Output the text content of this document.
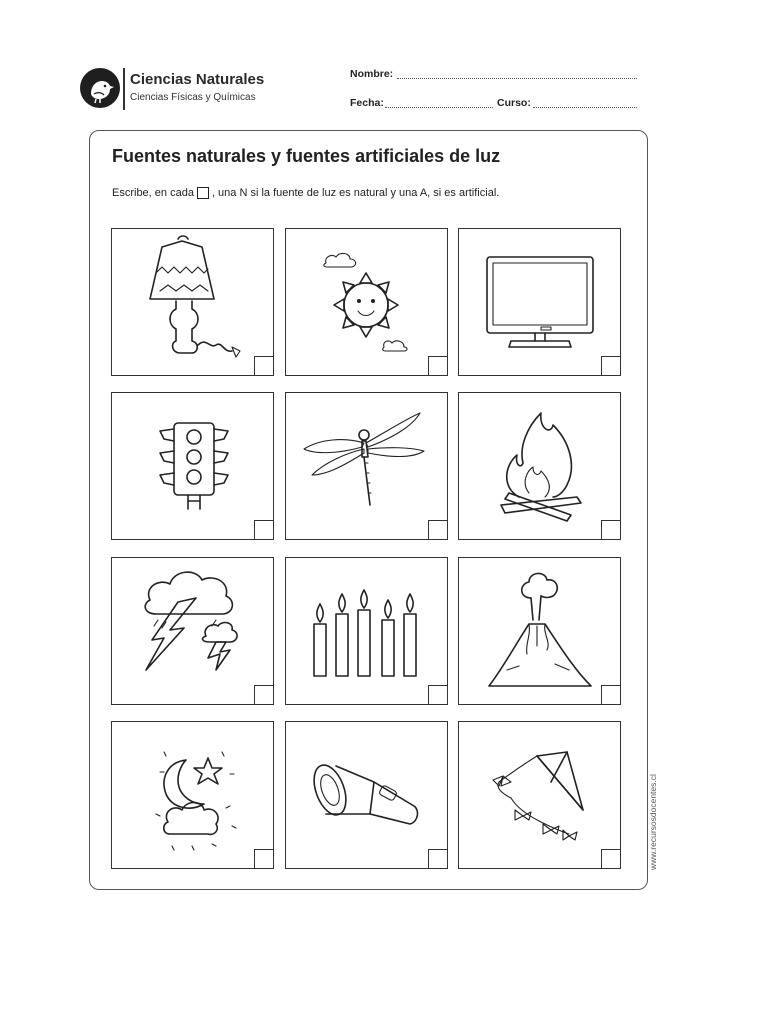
Ciencias Naturales
Ciencias Físicas y Químicas
Nombre:
Fecha:	Curso:
Fuentes naturales y fuentes artificiales de luz
Escribe, en cada , una N si la fuente de luz es natural y una A, si es artificial.
www.recursosdocentes.cl
